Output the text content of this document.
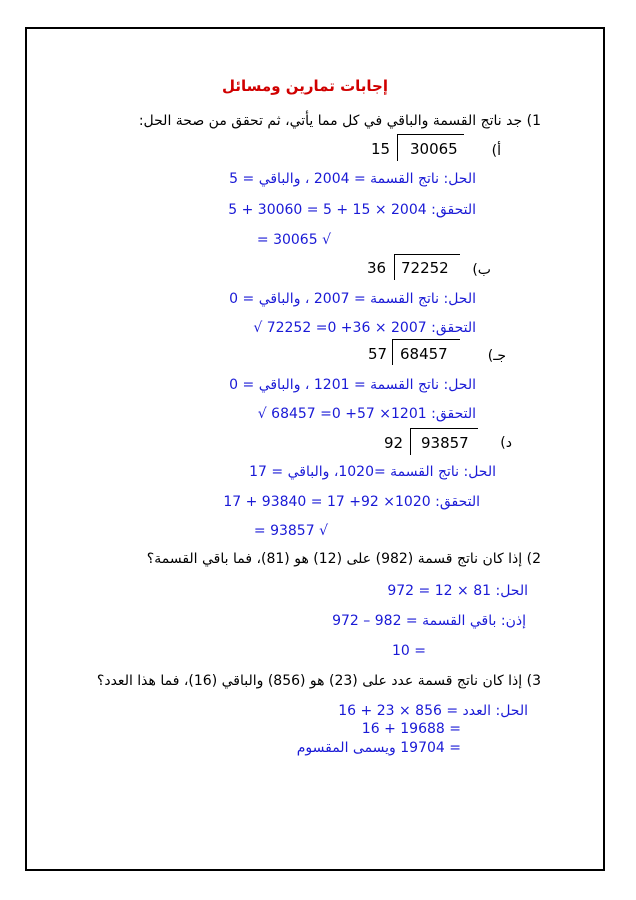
إجابات تمارين ومسائل
1) جد ناتج القسمة والباقي في كل مما يأتي، ثم تحقق من صحة الحل:
أ)
30065
15
الحل: ناتج القسمة = 2004 ، والباقي = 5
التحقق: 2004 × 15 + 5 = 30060 + 5
√ 30065 =
ب)
72252
36
الحل: ناتج القسمة = 2007 ، والباقي = 0
التحقق: 2007 × 36+ 0= 72252 √
جـ)
68457
57
الحل: ناتج القسمة = 1201 ، والباقي = 0
التحقق: 1201× 57+ 0= 68457 √
د)
93857
92
الحل: ناتج القسمة =1020، والباقي = 17
التحقق: 1020× 92+ 17 = 93840 + 17
√ 93857 =
2) إذا كان ناتج قسمة (982) على (12) هو (81)، فما باقي القسمة؟
الحل: 81 × 12 = 972
إذن: باقي القسمة = 982 – 972
= 10
3) إذا كان ناتج قسمة عدد على (23) هو (856) والباقي (16)، فما هذا العدد؟
الحل: العدد = 856 × 23 + 16
= 19688 + 16
= 19704 ويسمى المقسوم
